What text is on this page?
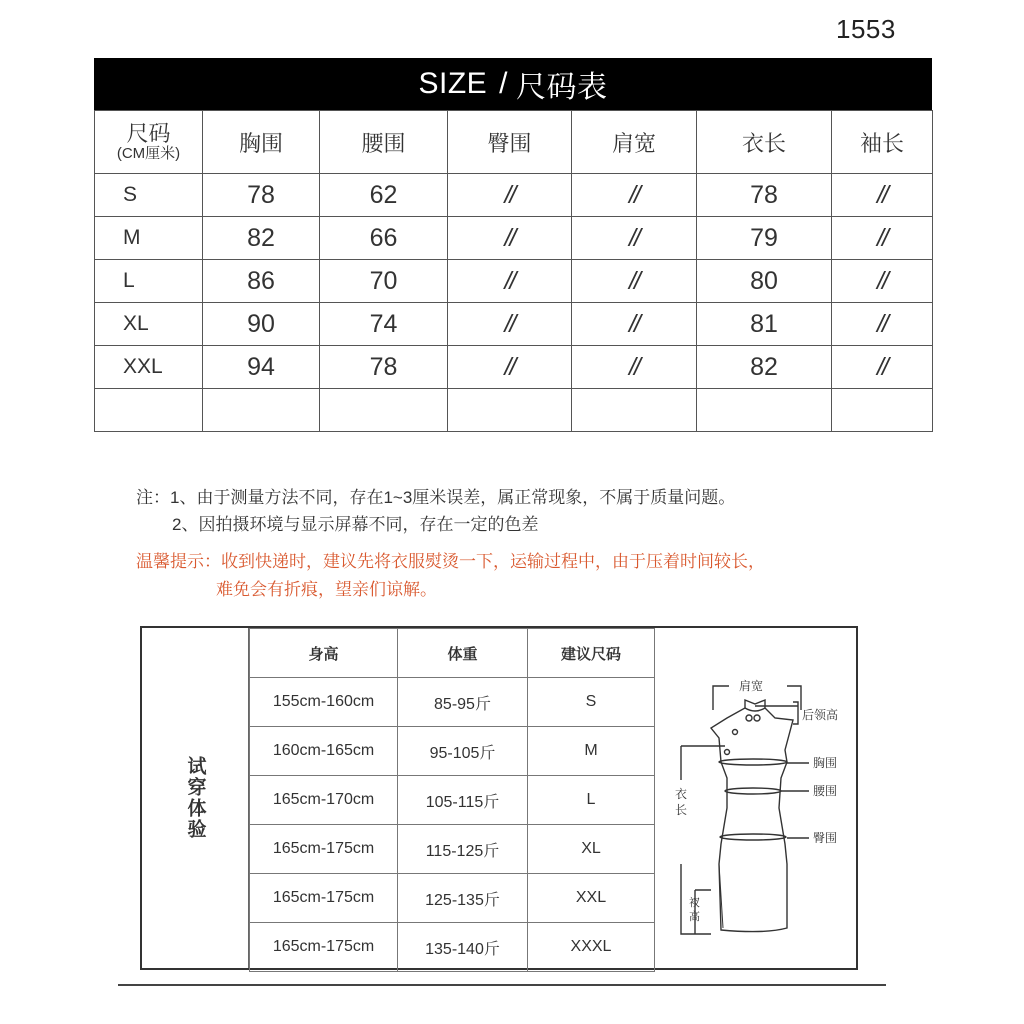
1553
SIZE / 尺码表
尺码
(CM厘米)	胸围	腰围	臀围	肩宽	衣长	袖长
S	78	62	//	//	78	//
M	82	66	//	//	79	//
L	86	70	//	//	80	//
XL	90	74	//	//	81	//
XXL	94	78	//	//	82	//

注：1、由于测量方法不同，存在1~3厘米误差，属正常现象，不属于质量问题。
2、因拍摄环境与显示屏幕不同，存在一定的色差
温馨提示：收到快递时，建议先将衣服熨烫一下，运输过程中，由于压着时间较长，
难免会有折痕，望亲们谅解。
试穿体验
身高	体重	建议尺码
155cm-160cm	85-95斤	S
160cm-165cm	95-105斤	M
165cm-170cm	105-115斤	L
165cm-175cm	115-125斤	XL
165cm-175cm	125-135斤	XXL
165cm-175cm	135-140斤	XXXL
肩宽
后领高
胸围
腰围
臀围
衣
长
衩
高
